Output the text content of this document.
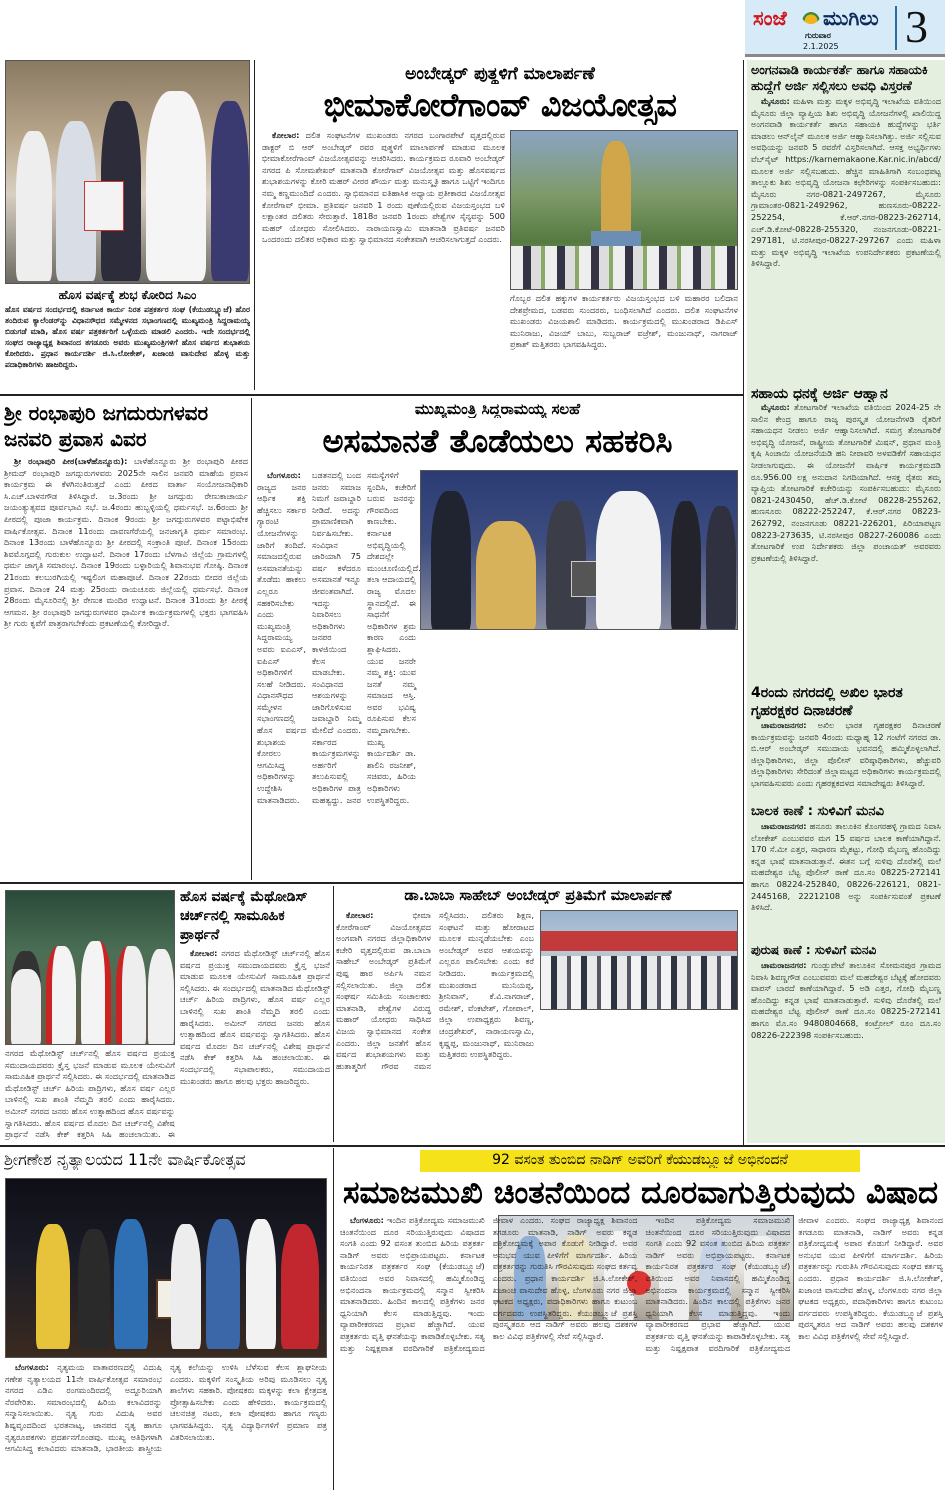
ಸಂಜೆ ಮುಗಿಲು
ಗುರುವಾರ
2.1.2025 3
ಹೊಸ ವರ್ಷಕ್ಕೆ ಶುಭ ಕೋರಿದ ಸಿಎಂ
ಹೊಸ ವರ್ಷದ ಸಂದರ್ಭದಲ್ಲಿ ಕರ್ನಾಟಕ ಕಾರ್ಯ ನಿರತ ಪತ್ರಕರ್ತರ ಸಂಘ (ಕೆಯುಡಬ್ಲ್ಯೂಜೆ) ಹೊರ ತಂದಿರುವ ಕ್ಯಾಲೆಂಡರ್‌ನ್ನು ವಿಧಾನಸೌಧದ ಸಮ್ಮೇಳನದ ಸಭಾಂಗಣದಲ್ಲಿ ಮುಖ್ಯಮಂತ್ರಿ ಸಿದ್ದರಾಮಯ್ಯ ಬಿಡುಗಡೆ ಮಾಡಿ, ಹೊಸ ವರ್ಷ ಪತ್ರಕರ್ತರಿಗೆ ಒಳ್ಳೆಯದು ಮಾಡಲಿ ಎಂದರು. ಇದೇ ಸಂದರ್ಭದಲ್ಲಿ ಸಂಘದ ರಾಜ್ಯಾಧ್ಯಕ್ಷ ಶಿವಾನಂದ ತಗಡೂರು ಅವರು ಮುಖ್ಯಮಂತ್ರಿಗಳಿಗೆ ಹೊಸ ವರ್ಷದ ಶುಭಾಶಯ ಕೋರಿದರು. ಪ್ರಧಾನ ಕಾರ್ಯದರ್ಶಿ ಜಿ.ಸಿ.ಲೋಕೇಶ್, ಖಜಾಂಚಿ ವಾಸುದೇವ ಹೊಳ್ಳ ಮತ್ತು ಪದಾಧಿಕಾರಿಗಳು ಹಾಜರಿದ್ದರು.
ಅಂಬೇಡ್ಕರ್ ಪುತ್ಥಳಿಗೆ ಮಾಲಾರ್ಪಣೆ
ಭೀಮಾಕೋರೆಗಾಂವ್ ವಿಜಯೋತ್ಸವ

ಕೋಲಾರ: ದಲಿತ ಸಂಘಟನೆಗಳ ಮುಖಂಡರು ನಗರದ ಬಂಗಾರಪೇಟೆ ವೃತ್ತದಲ್ಲಿರುವ ಡಾಕ್ಟರ್ ಬಿ ಆರ್ ಅಂಬೇಡ್ಕರ್ ರವರ ಪುತ್ಥಳಿಗೆ ಮಾಲಾರ್ಪಣೆ ಮಾಡುವ ಮೂಲಕ ಭೀಮಾಕೋರೆಗಾಂವ್ ವಿಜಯೋತ್ಸವವನ್ನು ಆಚರಿಸಿದರು. ಕಾರ್ಯಕ್ರಮದ ರೂವಾರಿ ಅಂಬೇಡ್ಕರ್ ನಗರದ ಪಿ ಸೋಮಶೇಖರ್ ಮಾತನಾಡಿ ಕೋರೆಗಾವ್ ವಿಜಯೋತ್ಸವ ಮತ್ತು ಹೊಸವರ್ಷದ ಶುಭಾಶಯಗಳನ್ನು ಕೋರಿ ಮಹರ್ ವೀರರ ಶೌರ್ಯ ಮತ್ತು ಮನುಸ್ಮೃತಿ ಹಾಗೂ ಒಟ್ಟಿಗೆ ಇಂದಿಗೂ ನಮ್ಮ ಕಣ್ಣಮುಂದಿದೆ ಎಂದರು. ಸ್ವಾಭಿಮಾನದ ಐತಿಹಾಸಿಕ ಅಧ್ಯಾಯ ಪ್ರತೀಕಾರದ ವಿಜಯೋತ್ಸವ ಕೋರೆಗಾವ್ ಭೀಮಾ. ಪ್ರತಿವರ್ಷ ಜನವರಿ 1 ರಂದು ಪುಣೆಯಲ್ಲಿರುವ ವಿಜಯಸ್ತಂಭದ ಬಳಿ ಲಕ್ಷಾಂತರ ದಲಿತರು ಸೇರುತ್ತಾರೆ. 1818ರ ಜನವರಿ 1ರಂದು ಪೇಶ್ವೆಗಳ ಸೈನ್ಯವನ್ನು 500 ಮಹರ್ ಯೋಧರು ಸೋಲಿಸಿದರು. ನಾರಾಯಣಸ್ವಾಮಿ ಮಾತನಾಡಿ ಪ್ರತಿವರ್ಷ ಜನವರಿ ಒಂದರಂದು ದಲಿತರ ಅಧಿಕಾರ ಮತ್ತು ಸ್ವಾಭಿಮಾನದ ಸಂಕೇತವಾಗಿ ಆಚರಿಸಲಾಗುತ್ತದೆ ಎಂದರು.

ಗೊಬ್ಬರ ದಲಿತ ಹಕ್ಕುಗಳ ಕಾರ್ಯಕರ್ತರು ವಿಜಯಸ್ತಂಭದ ಬಳಿ ಮಹಾರರ ಬಲಿದಾನ ದೇಶಪ್ರೇಮದ, ಬಡವರು ಸುಂದರರು, ಬಂಧಿಸಲಾಗಿದೆ ಎಂದರು. ದಲಿತ ಸಂಘಟನೆಗಳ ಮುಖಂಡರು ವಿಜಯಶಾಲಿ ಮಾಡಿದರು. ಕಾರ್ಯಕ್ರಮದಲ್ಲಿ ಮುಖಂಡರಾದ ಡಿಪಿಎಸ್ ಮುನಿರಾಜು, ವಿಜಯ್ ಬಾಬು, ಸುಬ್ಬರಾಜ್ ವಜ್ರೇಶ್, ಮಂಜುನಾಥ್, ನಾಗರಾಜ್ ಪ್ರಕಾಶ್ ಮತ್ತಿತರರು ಭಾಗವಹಿಸಿದ್ದರು.
ಅಂಗನವಾಡಿ ಕಾರ್ಯಕರ್ತೆ ಹಾಗೂ ಸಹಾಯಕಿ ಹುದ್ದೆಗೆ ಅರ್ಜಿ ಸಲ್ಲಿಸಲು ಅವಧಿ ವಿಸ್ತರಣೆ

ಮೈಸೂರು: ಮಹಿಳಾ ಮತ್ತು ಮಕ್ಕಳ ಅಭಿವೃದ್ಧಿ ಇಲಾಖೆಯ ವತಿಯಿಂದ ಮೈಸೂರು ಜಿಲ್ಲಾ ವ್ಯಾಪ್ತಿಯ ಶಿಶು ಅಭಿವೃದ್ಧಿ ಯೋಜನೆಗಳಲ್ಲಿ ಖಾಲಿಯಿದ್ದ ಅಂಗನವಾಡಿ ಕಾರ್ಯಕರ್ತೆ ಹಾಗೂ ಸಹಾಯಕಿ ಹುದ್ದೆಗಳನ್ನು ಭರ್ತಿ ಮಾಡಲು ಆನ್‌ಲೈನ್ ಮೂಲಕ ಅರ್ಜಿ ಆಹ್ವಾನಿಸಲಾಗಿತ್ತು. ಅರ್ಜಿ ಸಲ್ಲಿಸುವ ಅವಧಿಯನ್ನು ಜನವರಿ 5 ರವರೆಗೆ ವಿಸ್ತರಿಸಲಾಗಿದೆ. ಆಸಕ್ತ ಅಭ್ಯರ್ಥಿಗಳು ವೆಬ್‌ಸೈಟ್ https://karnemakaone.Kar.nic.in/abcd/ ಮೂಲಕ ಅರ್ಜಿ ಸಲ್ಲಿಸಬಹುದು. ಹೆಚ್ಚಿನ ಮಾಹಿತಿಗಾಗಿ ಸಂಬಂಧಪಟ್ಟ ತಾಲ್ಲೂಕು ಶಿಶು ಅಭಿವೃದ್ಧಿ ಯೋಜನಾ ಕಛೇರಿಗಳನ್ನು ಸಂಪರ್ಕಿಸಬಹುದು: ಮೈಸೂರು ನಗರ-0821-2497267, ಮೈಸೂರು ಗ್ರಾಮಾಂತರ-0821-2492962, ಹುಣಸೂರು-08222-252254, ಕೆ.ಆರ್.ನಗರ-08223-262714, ಎಚ್.ಡಿ.ಕೋಟೆ-08228-255320, ನಂಜನಗೂಡು-08221-297181, ಟಿ.ನರಸೀಪುರ-08227-297267 ಎಂದು ಮಹಿಳಾ ಮತ್ತು ಮಕ್ಕಳ ಅಭಿವೃದ್ಧಿ ಇಲಾಖೆಯ ಉಪನಿರ್ದೇಶಕರು ಪ್ರಕಟಣೆಯಲ್ಲಿ ತಿಳಿಸಿದ್ದಾರೆ.

ಸಹಾಯ ಧನಕ್ಕೆ ಅರ್ಜಿ ಆಹ್ವಾನ

ಮೈಸೂರು: ತೋಟಗಾರಿಕೆ ಇಲಾಖೆಯ ವತಿಯಿಂದ 2024-25 ನೇ ಸಾಲಿನ ಕೇಂದ್ರ ಹಾಗೂ ರಾಜ್ಯ ಪುರಸ್ಕೃತ ಯೋಜನೆಗಳಡಿ ರೈತರಿಗೆ ಸಹಾಯಧನ ನೀಡಲು ಅರ್ಜಿ ಆಹ್ವಾನಿಸಲಾಗಿದೆ. ಸಮಗ್ರ ತೋಟಗಾರಿಕೆ ಅಭಿವೃದ್ಧಿ ಯೋಜನೆ, ರಾಷ್ಟ್ರೀಯ ತೋಟಗಾರಿಕೆ ಮಿಷನ್, ಪ್ರಧಾನ ಮಂತ್ರಿ ಕೃಷಿ ಸಿಂಚಾಯಿ ಯೋಜನೆಯಡಿ ಹನಿ ನೀರಾವರಿ ಅಳವಡಿಕೆಗೆ ಸಹಾಯಧನ ನೀಡಲಾಗುವುದು. ಈ ಯೋಜನೆಗೆ ವಾರ್ಷಿಕ ಕಾರ್ಯಕ್ರಮದಡಿ ರೂ.956.00 ಲಕ್ಷ ಅನುದಾನ ನಿಗದಿಯಾಗಿದೆ. ಆಸಕ್ತ ರೈತರು ತಮ್ಮ ವ್ಯಾಪ್ತಿಯ ತೋಟಗಾರಿಕೆ ಕಚೇರಿಯನ್ನು ಸಂಪರ್ಕಿಸಬಹುದು: ಮೈಸೂರು 0821-2430450, ಹೆಚ್.ಡಿ.ಕೋಟೆ 08228-255262, ಹುಣಸೂರು 08222-252247, ಕೆ.ಆರ್.ನಗರ 08223-262792, ನಂಜನಗೂಡು 08221-226201, ಪಿರಿಯಾಪಟ್ಟಣ 08223-273635, ಟಿ.ನರಸೀಪುರ 08227-260086 ಎಂದು ತೋಟಗಾರಿಕೆ ಉಪ ನಿರ್ದೇಶಕರು ಜಿಲ್ಲಾ ಪಂಚಾಯತ್ ಅವರವರು ಪ್ರಕಟಣೆಯಲ್ಲಿ ತಿಳಿಸಿದ್ದಾರೆ.

4ರಂದು ನಗರದಲ್ಲಿ ಅಖಿಲ ಭಾರತ ಗೃಹರಕ್ಷಕರ ದಿನಾಚರಣೆ

ಚಾಮರಾಜನಗರ: ಅಖಿಲ ಭಾರತ ಗೃಹರಕ್ಷಕರ ದಿನಾಚರಣೆ ಕಾರ್ಯಕ್ರಮವನ್ನು ಜನವರಿ 4ರಂದು ಮಧ್ಯಾಹ್ನ 12 ಗಂಟೆಗೆ ನಗರದ ಡಾ. ಬಿ.ಆರ್ ಅಂಬೇಡ್ಕರ್ ಸಮುದಾಯ ಭವನದಲ್ಲಿ ಹಮ್ಮಿಕೊಳ್ಳಲಾಗಿದೆ. ಜಿಲ್ಲಾಧಿಕಾರಿಗಳು, ಜಿಲ್ಲಾ ಪೊಲೀಸ್ ವರಿಷ್ಠಾಧಿಕಾರಿಗಳು, ಹೆಚ್ಚುವರಿ ಜಿಲ್ಲಾಧಿಕಾರಿಗಳು ಸೇರಿದಂತೆ ಜಿಲ್ಲಾಮಟ್ಟದ ಅಧಿಕಾರಿಗಳು ಕಾರ್ಯಕ್ರಮದಲ್ಲಿ ಭಾಗವಹಿಸುವರು ಎಂದು ಗೃಹರಕ್ಷಕದಳದ ಸಮಾದೇಷ್ಟರು ತಿಳಿಸಿದ್ದಾರೆ.

ಬಾಲಕ ಕಾಣೆ : ಸುಳಿವಿಗೆ ಮನವಿ

ಚಾಮರಾಜನಗರ: ಹನೂರು ತಾಲೂಕಿನ ಕೊಂಗರಹಳ್ಳಿ ಗ್ರಾಮದ ನಿವಾಸಿ ಲೋಕೇಶ್ ಎಂಬುವವರ ಮಗ 15 ವರ್ಷದ ಬಾಲಕ ಕಾಣೆಯಾಗಿದ್ದಾನೆ. 170 ಸೆ.ಮೀ ಎತ್ತರ, ಸಾಧಾರಣ ಮೈಕಟ್ಟು, ಗೋಧಿ ಮೈಬಣ್ಣ ಹೊಂದಿದ್ದು ಕನ್ನಡ ಭಾಷೆ ಮಾತನಾಡುತ್ತಾನೆ. ಈತನ ಬಗ್ಗೆ ಸುಳಿವು ದೊರೆತಲ್ಲಿ ಮಲೆ ಮಹದೇಶ್ವರ ಬೆಟ್ಟ ಪೊಲೀಸ್ ಠಾಣೆ ದೂ.ಸಂ 08225-272141 ಹಾಗೂ 08224-252840, 08226-226121, 0821-2445168, 22212108 ಅನ್ನು ಸಂಪರ್ಕಿಸುವಂತೆ ಪ್ರಕಟಣೆ ತಿಳಿಸಿದೆ.

ಪುರುಷ ಕಾಣೆ : ಸುಳಿವಿಗೆ ಮನವಿ

ಚಾಮರಾಜನಗರ: ಗುಂಡ್ಲುಪೇಟೆ ತಾಲೂಕಿನ ಸೋಮನಪುರ ಗ್ರಾಮದ ನಿವಾಸಿ ಶಿವಣ್ಣಗೌಡ ಎಂಬುವವರು ಮಲೆ ಮಹದೇಶ್ವರ ಬೆಟ್ಟಕ್ಕೆ ಹೋದವರು ವಾಪಸ್ ಬಾರದೆ ಕಾಣೆಯಾಗಿದ್ದಾರೆ. 5 ಅಡಿ ಎತ್ತರ, ಗೋಧಿ ಮೈಬಣ್ಣ ಹೊಂದಿದ್ದು ಕನ್ನಡ ಭಾಷೆ ಮಾತನಾಡುತ್ತಾರೆ. ಸುಳಿವು ದೊರೆತಲ್ಲಿ ಮಲೆ ಮಹದೇಶ್ವರ ಬೆಟ್ಟ ಪೊಲೀಸ್ ಠಾಣೆ ದೂ.ಸಂ 08225-272141 ಹಾಗೂ ಮೊ.ಸಂ 9480804668, ಕಂಟ್ರೋಲ್ ರೂಂ ದೂ.ಸಂ 08226-222398 ಸಂಪರ್ಕಿಸಬಹುದು.

ಶ್ರೀ ರಂಭಾಪುರಿ ಜಗದುರುಗಳವರ ಜನವರಿ ಪ್ರವಾಸ ವಿವರ

ಶ್ರೀ ರಂಭಾಪುರಿ ಪೀಠ(ಬಾಳೆಹೊನ್ನೂರು): ಬಾಳೆಹೊನ್ನೂರು ಶ್ರೀ ರಂಭಾಪುರಿ ಪೀಠದ ಶ್ರೀಮದ್ ರಂಭಾಪುರಿ ಜಗದ್ಗುರುಗಳವರು 2025ನೇ ಸಾಲಿನ ಜನವರಿ ಮಾಹೆಯ ಪ್ರವಾಸ ಕಾರ್ಯಕ್ರಮ ಈ ಕೆಳಗಿನಂತಿರುತ್ತದೆ ಎಂದು ಪೀಠದ ವಾರ್ತಾ ಸಂಯೋಜನಾಧಿಕಾರಿ ಸಿ.ಎಚ್.ಬಾಳನಗೌಡ ತಿಳಿಸಿದ್ದಾರೆ. ಜ.3ರಂದು ಶ್ರೀ ಜಗದ್ಗುರು ರೇಣುಕಾಚಾರ್ಯ ಜಯಂತ್ಯುತ್ಸವದ ಪೂರ್ವಭಾವಿ ಸಭೆ. ಜ.4ರಂದು ಹುಬ್ಬಳ್ಳಿಯಲ್ಲಿ ಧರ್ಮಸಭೆ. ಜ.6ರಂದು ಶ್ರೀ ಪೀಠದಲ್ಲಿ ಪೂಜಾ ಕಾರ್ಯಕ್ರಮ. ದಿನಾಂಕ 9ರಂದು ಶ್ರೀ ಜಗದ್ಗುರುಗಳವರ ಪಟ್ಟಾಭಿಷೇಕ ವಾರ್ಷಿಕೋತ್ಸವ. ದಿನಾಂಕ 11ರಂದು ದಾವಣಗೆರೆಯಲ್ಲಿ ಜನಜಾಗೃತಿ ಧರ್ಮ ಸಮಾರಂಭ. ದಿನಾಂಕ 13ರಂದು ಬಾಳೆಹೊನ್ನೂರು ಶ್ರೀ ಪೀಠದಲ್ಲಿ ಸಂಕ್ರಾಂತಿ ಪೂಜೆ. ದಿನಾಂಕ 15ರಂದು ಶಿವಮೊಗ್ಗದಲ್ಲಿ ಗುರುಕುಲ ಉದ್ಘಾಟನೆ. ದಿನಾಂಕ 17ರಂದು ಬೆಳಗಾವಿ ಜಿಲ್ಲೆಯ ಗ್ರಾಮಗಳಲ್ಲಿ ಧರ್ಮ ಜಾಗೃತಿ ಸಮಾರಂಭ. ದಿನಾಂಕ 19ರಂದು ಬಳ್ಳಾರಿಯಲ್ಲಿ ಶಿವಾನುಭವ ಗೋಷ್ಠಿ. ದಿನಾಂಕ 21ರಂದು ಕಲಬುರಗಿಯಲ್ಲಿ ಇಷ್ಟಲಿಂಗ ಮಹಾಪೂಜೆ. ದಿನಾಂಕ 22ರಂದು ಬೀದರ ಜಿಲ್ಲೆಯ ಪ್ರವಾಸ. ದಿನಾಂಕ 24 ಮತ್ತು 25ರಂದು ರಾಯಚೂರು ಜಿಲ್ಲೆಯಲ್ಲಿ ಧರ್ಮಸಭೆ. ದಿನಾಂಕ 28ರಂದು ಮೈಸೂರಿನಲ್ಲಿ ಶ್ರೀ ರೇಣುಕ ಮಂದಿರ ಉದ್ಘಾಟನೆ. ದಿನಾಂಕ 31ರಂದು ಶ್ರೀ ಪೀಠಕ್ಕೆ ಆಗಮನ. ಶ್ರೀ ರಂಭಾಪುರಿ ಜಗದ್ಗುರುಗಳವರ ಧಾರ್ಮಿಕ ಕಾರ್ಯಕ್ರಮಗಳಲ್ಲಿ ಭಕ್ತರು ಭಾಗವಹಿಸಿ ಶ್ರೀ ಗುರು ಕೃಪೆಗೆ ಪಾತ್ರರಾಗಬೇಕೆಂದು ಪ್ರಕಟಣೆಯಲ್ಲಿ ಕೋರಿದ್ದಾರೆ.

ಮುಖ್ಯಮಂತ್ರಿ ಸಿದ್ದರಾಮಯ್ಯ ಸಲಹೆ
ಅಸಮಾನತೆ ತೊಡೆಯಲು ಸಹಕರಿಸಿ

ಬೆಂಗಳೂರು: ರಾಜ್ಯದ ಜನರ ಆರ್ಥಿಕ ಶಕ್ತಿ ಹೆಚ್ಚಿಸಲು ಸರ್ಕಾರ ಗ್ಯಾರಂಟಿ ಯೋಜನೆಗಳನ್ನು ಜಾರಿಗೆ ತಂದಿದೆ. ಸಮಾಜದಲ್ಲಿರುವ ಅಸಮಾನತೆಯನ್ನು ತೊಡೆದು ಹಾಕಲು ಎಲ್ಲರೂ ಸಹಕರಿಸಬೇಕು ಎಂದು ಮುಖ್ಯಮಂತ್ರಿ ಸಿದ್ದರಾಮಯ್ಯ ಅವರು ಐಎಎಸ್, ಐಪಿಎಸ್ ಅಧಿಕಾರಿಗಳಿಗೆ ಸಲಹೆ ನೀಡಿದರು. ವಿಧಾನಸೌಧದ ಸಮ್ಮೇಳನ ಸಭಾಂಗಣದಲ್ಲಿ ಹೊಸ ವರ್ಷದ ಶುಭಾಶಯ ಕೋರಲು ಆಗಮಿಸಿದ್ದ ಅಧಿಕಾರಿಗಳನ್ನು ಉದ್ದೇಶಿಸಿ ಮಾತನಾಡಿದರು. ಬಡತನದಲ್ಲಿ ಬಂದ ಜನರು ಸಮಾಜ ನಿಮಗೆ ಜವಾಬ್ದಾರಿ ನೀಡಿದೆ. ಅದನ್ನು ಪ್ರಾಮಾಣಿಕವಾಗಿ ನಿರ್ವಹಿಸಬೇಕು. ಸಂವಿಧಾನ ಜಾರಿಯಾಗಿ 75 ವರ್ಷ ಕಳೆದರೂ ಅಸಮಾನತೆ ಇನ್ನೂ ಜೀವಂತವಾಗಿದೆ. ಇದನ್ನು ನಿವಾರಿಸಲು ಅಧಿಕಾರಿಗಳು ಜನಪರ ಕಾಳಜಿಯಿಂದ ಕೆಲಸ ಮಾಡಬೇಕು. ಸಂವಿಧಾನದ ಆಶಯಗಳನ್ನು ಜಾರಿಗೊಳಿಸುವ ಜವಾಬ್ದಾರಿ ನಿಮ್ಮ ಮೇಲಿದೆ ಎಂದರು. ಸರ್ಕಾರದ ಕಾರ್ಯಕ್ರಮಗಳನ್ನು ಅರ್ಹರಿಗೆ ತಲುಪಿಸುವಲ್ಲಿ ಅಧಿಕಾರಿಗಳ ಪಾತ್ರ ಮಹತ್ವದ್ದು. ಜನರ ಸಮಸ್ಯೆಗಳಿಗೆ ಸ್ಪಂದಿಸಿ, ಕಚೇರಿಗೆ ಬರುವ ಜನರನ್ನು ಗೌರವದಿಂದ ಕಾಣಬೇಕು. ಕರ್ನಾಟಕ ಅಭಿವೃದ್ಧಿಯಲ್ಲಿ ದೇಶದಲ್ಲೇ ಮುಂಚೂಣಿಯಲ್ಲಿದೆ. ತಲಾ ಆದಾಯದಲ್ಲಿ ರಾಜ್ಯ ಮೊದಲ ಸ್ಥಾನದಲ್ಲಿದೆ. ಈ ಸಾಧನೆಗೆ ಅಧಿಕಾರಿಗಳ ಶ್ರಮ ಕಾರಣ ಎಂದು ಶ್ಲಾಘಿಸಿದರು. ಯುವ ಜನರೇ ನಮ್ಮ ಶಕ್ತಿ: ಯುವ ಜನತೆ ನಮ್ಮ ಸಮಾಜದ ಆಸ್ತಿ. ಅವರ ಭವಿಷ್ಯ ರೂಪಿಸುವ ಕೆಲಸ ನಮ್ಮದಾಗಬೇಕು. ಮುಖ್ಯ ಕಾರ್ಯದರ್ಶಿ ಡಾ. ಶಾಲಿನಿ ರಜನೀಶ್, ಸಚಿವರು, ಹಿರಿಯ ಅಧಿಕಾರಿಗಳು ಉಪಸ್ಥಿತರಿದ್ದರು.

ಹೊಸ ವರ್ಷಕ್ಕೆ ಮೆಥೋಡಿಸ್ ಚರ್ಚ್‌ನಲ್ಲಿ ಸಾಮೂಹಿಕ ಪ್ರಾರ್ಥನೆ

ಕೋಲಾರ: ನಗರದ ಮೆಥೋಡಿಸ್ಟ್ ಚರ್ಚ್‌ನಲ್ಲಿ ಹೊಸ ವರ್ಷದ ಪ್ರಯುಕ್ತ ಸಮುದಾಯದವರು ಕ್ರೈಸ್ತ ಭಜನೆ ಮಾಡುವ ಮೂಲಕ ಯೇಸುವಿಗೆ ಸಾಮೂಹಿಕ ಪ್ರಾರ್ಥನೆ ಸಲ್ಲಿಸಿದರು. ಈ ಸಂದರ್ಭದಲ್ಲಿ ಮಾತನಾಡಿದ ಮೆಥೋಡಿಸ್ಟ್ ಚರ್ಚ್ ಹಿರಿಯ ಪಾದ್ರಿಗಳು, ಹೊಸ ವರ್ಷ ಎಲ್ಲರ ಬಾಳಿನಲ್ಲಿ ಸುಖ ಶಾಂತಿ ನೆಮ್ಮದಿ ತರಲಿ ಎಂದು ಹಾರೈಸಿದರು. ಅಮೀನ್ ನಗರದ ಜನರು ಹೊಸ ಉತ್ಸಾಹದಿಂದ ಹೊಸ ವರ್ಷವನ್ನು ಸ್ವಾಗತಿಸಿದರು. ಹೊಸ ವರ್ಷದ ಮೊದಲ ದಿನ ಚರ್ಚ್‌ನಲ್ಲಿ ವಿಶೇಷ ಪ್ರಾರ್ಥನೆ ನಡೆಸಿ ಕೇಕ್ ಕತ್ತರಿಸಿ ಸಿಹಿ ಹಂಚಲಾಯಿತು. ಈ ಸಂದರ್ಭದಲ್ಲಿ ಸಭಾಪಾಲಕರು, ಸಮುದಾಯದ ಮುಖಂಡರು ಹಾಗೂ ಹಲವು ಭಕ್ತರು ಹಾಜರಿದ್ದರು.

ನಗರದ ಮೆಥೋಡಿಸ್ಟ್ ಚರ್ಚ್‌ನಲ್ಲಿ ಹೊಸ ವರ್ಷದ ಪ್ರಯುಕ್ತ ಸಮುದಾಯದವರು ಕ್ರೈಸ್ತ ಭಜನೆ ಮಾಡುವ ಮೂಲಕ ಯೇಸುವಿಗೆ ಸಾಮೂಹಿಕ ಪ್ರಾರ್ಥನೆ ಸಲ್ಲಿಸಿದರು. ಈ ಸಂದರ್ಭದಲ್ಲಿ ಮಾತನಾಡಿದ ಮೆಥೋಡಿಸ್ಟ್ ಚರ್ಚ್ ಹಿರಿಯ ಪಾದ್ರಿಗಳು, ಹೊಸ ವರ್ಷ ಎಲ್ಲರ ಬಾಳಿನಲ್ಲಿ ಸುಖ ಶಾಂತಿ ನೆಮ್ಮದಿ ತರಲಿ ಎಂದು ಹಾರೈಸಿದರು. ಅಮೀನ್ ನಗರದ ಜನರು ಹೊಸ ಉತ್ಸಾಹದಿಂದ ಹೊಸ ವರ್ಷವನ್ನು ಸ್ವಾಗತಿಸಿದರು. ಹೊಸ ವರ್ಷದ ಮೊದಲ ದಿನ ಚರ್ಚ್‌ನಲ್ಲಿ ವಿಶೇಷ ಪ್ರಾರ್ಥನೆ ನಡೆಸಿ ಕೇಕ್ ಕತ್ತರಿಸಿ ಸಿಹಿ ಹಂಚಲಾಯಿತು. ಈ
ಡಾ.ಬಾಬಾ ಸಾಹೇಬ್ ಅಂಬೇಡ್ಕರ್ ಪ್ರತಿಮೆಗೆ ಮಾಲಾರ್ಪಣೆ

ಕೋಲಾರ:	ಭೀಮಾ ಕೋರೆಗಾಂವ್ ವಿಜಯೋತ್ಸವದ ಅಂಗವಾಗಿ ನಗರದ ಜಿಲ್ಲಾಧಿಕಾರಿಗಳ ಕಚೇರಿ ವೃತ್ತದಲ್ಲಿರುವ ಡಾ.ಬಾಬಾ ಸಾಹೇಬ್ ಅಂಬೇಡ್ಕರ್ ಪ್ರತಿಮೆಗೆ ಪುಷ್ಪ ಹಾರ ಅರ್ಪಿಸಿ ನಮನ ಸಲ್ಲಿಸಲಾಯಿತು. ಜಿಲ್ಲಾ ದಲಿತ ಸಂಘರ್ಷ ಸಮಿತಿಯ ಸಂಚಾಲಕರು ಮಾತನಾಡಿ, ಪೇಶ್ವೆಗಳ ವಿರುದ್ಧ ಮಹಾರ್ ಯೋಧರು ಸಾಧಿಸಿದ ವಿಜಯ ಸ್ವಾಭಿಮಾನದ ಸಂಕೇತ ಎಂದರು. ಜಿಲ್ಲಾ ಜನತೆಗೆ ಹೊಸ ವರ್ಷದ ಶುಭಾಶಯಗಳು ಮತ್ತು ಹುತಾತ್ಮರಿಗೆ ಗೌರವ ನಮನ ಸಲ್ಲಿಸಿದರು. ದಲಿತರು ಶಿಕ್ಷಣ, ಸಂಘಟನೆ ಮತ್ತು ಹೋರಾಟದ ಮೂಲಕ ಮುನ್ನಡೆಯಬೇಕು ಎಂಬ ಅಂಬೇಡ್ಕರ್ ಅವರ ಆಶಯವನ್ನು ಎಲ್ಲರೂ ಪಾಲಿಸಬೇಕು ಎಂದು ಕರೆ ನೀಡಿದರು. ಕಾರ್ಯಕ್ರಮದಲ್ಲಿ ಮುಖಂಡರಾದ ಮುನಿಯಪ್ಪ, ಶ್ರೀನಿವಾಸ್, ಕೆ.ವಿ.ನಾಗರಾಜ್, ರಮೇಶ್, ವೆಂಕಟೇಶ್, ಗೋಪಾಲ್, ಜಿಲ್ಲಾ ಉಪಾಧ್ಯಕ್ಷರು ಶಿವಣ್ಣ, ಚಂದ್ರಶೇಖರ್, ನಾರಾಯಣಸ್ವಾಮಿ, ಕೃಷ್ಣಪ್ಪ, ಮಂಜುನಾಥ್, ಮುನಿರಾಜು ಮತ್ತಿತರರು ಉಪಸ್ಥಿತರಿದ್ದರು.

ಶ್ರೀಗಣೇಶ ನೃತ್ಯಾಲಯದ 11ನೇ ವಾರ್ಷಿಕೋತ್ಸವ

ಬೆಂಗಳೂರು: ನೃತ್ಯಮಯ ವಾತಾವರಣದಲ್ಲಿ ವಿದುಷಿ ಗಣೇಶ ನೃತ್ಯಾಲಯದ 11ನೇ ವಾರ್ಷಿಕೋತ್ಸವ ಸಮಾರಂಭ ನಗರದ ಎಡಿಎ ರಂಗಮಂದಿರದಲ್ಲಿ ಅದ್ದೂರಿಯಾಗಿ ನೆರವೇರಿತು. ಸಮಾರಂಭದಲ್ಲಿ ಹಿರಿಯ ಕಲಾವಿದರನ್ನು ಸನ್ಮಾನಿಸಲಾಯಿತು. ನೃತ್ಯ ಗುರು ವಿದುಷಿ ಅವರ ಶಿಷ್ಯವೃಂದದಿಂದ ಭರತನಾಟ್ಯ, ಜಾನಪದ ನೃತ್ಯ ಹಾಗೂ ನೃತ್ಯರೂಪಕಗಳು ಪ್ರದರ್ಶನಗೊಂಡವು. ಮುಖ್ಯ ಅತಿಥಿಗಳಾಗಿ ಆಗಮಿಸಿದ್ದ ಕಲಾವಿದರು ಮಾತನಾಡಿ, ಭಾರತೀಯ ಶಾಸ್ತ್ರೀಯ ನೃತ್ಯ ಕಲೆಯನ್ನು ಉಳಿಸಿ ಬೆಳೆಸುವ ಕೆಲಸ ಶ್ಲಾಘನೀಯ ಎಂದರು. ಮಕ್ಕಳಿಗೆ ಸಂಸ್ಕೃತಿಯ ಅರಿವು ಮೂಡಿಸಲು ನೃತ್ಯ ಶಾಲೆಗಳು ಸಹಕಾರಿ. ಪೋಷಕರು ಮಕ್ಕಳನ್ನು ಕಲಾ ಕ್ಷೇತ್ರದತ್ತ ಪ್ರೋತ್ಸಾಹಿಸಬೇಕು ಎಂದು ಹೇಳಿದರು. ಕಾರ್ಯಕ್ರಮದಲ್ಲಿ ಚಲನಚಿತ್ರ ನಟರು, ಕಲಾ ಪೋಷಕರು ಹಾಗೂ ಗಣ್ಯರು ಭಾಗವಹಿಸಿದ್ದರು. ನೃತ್ಯ ವಿದ್ಯಾರ್ಥಿಗಳಿಗೆ ಪ್ರಮಾಣ ಪತ್ರ ವಿತರಿಸಲಾಯಿತು.

92 ವಸಂತ ತುಂಬಿದ ನಾಡಿಗ್ ಅವರಿಗೆ ಕೆಯುಡಬ್ಲ್ಯೂಜೆ ಅಭಿನಂದನೆ
ಸಮಾಜಮುಖಿ ಚಿಂತನೆಯಿಂದ ದೂರವಾಗುತ್ತಿರುವುದು ವಿಷಾದ

ಬೆಂಗಳೂರು: ಇಂದಿನ ಪತ್ರಿಕೋದ್ಯಮ ಸಮಾಜಮುಖಿ ಚಿಂತನೆಯಿಂದ ದೂರ ಸರಿಯುತ್ತಿರುವುದು ವಿಷಾದದ ಸಂಗತಿ ಎಂದು 92 ವಸಂತ ತುಂಬಿದ ಹಿರಿಯ ಪತ್ರಕರ್ತ ನಾಡಿಗ್ ಅವರು ಅಭಿಪ್ರಾಯಪಟ್ಟರು. ಕರ್ನಾಟಕ ಕಾರ್ಯನಿರತ ಪತ್ರಕರ್ತರ ಸಂಘ (ಕೆಯುಡಬ್ಲ್ಯೂಜೆ) ವತಿಯಿಂದ ಅವರ ನಿವಾಸದಲ್ಲಿ ಹಮ್ಮಿಕೊಂಡಿದ್ದ ಅಭಿನಂದನಾ ಕಾರ್ಯಕ್ರಮದಲ್ಲಿ ಸನ್ಮಾನ ಸ್ವೀಕರಿಸಿ ಮಾತನಾಡಿದರು. ಹಿಂದಿನ ಕಾಲದಲ್ಲಿ ಪತ್ರಿಕೆಗಳು ಜನರ ಧ್ವನಿಯಾಗಿ ಕೆಲಸ ಮಾಡುತ್ತಿದ್ದವು. ಇಂದು ವ್ಯಾಪಾರೀಕರಣದ ಪ್ರಭಾವ ಹೆಚ್ಚಾಗಿದೆ. ಯುವ ಪತ್ರಕರ್ತರು ವೃತ್ತಿ ಘನತೆಯನ್ನು ಕಾಪಾಡಿಕೊಳ್ಳಬೇಕು. ಸತ್ಯ ಮತ್ತು ನಿಷ್ಪಕ್ಷಪಾತ ವರದಿಗಾರಿಕೆ ಪತ್ರಿಕೋದ್ಯಮದ ಜೀವಾಳ ಎಂದರು. ಸಂಘದ ರಾಜ್ಯಾಧ್ಯಕ್ಷ ಶಿವಾನಂದ ತಗಡೂರು ಮಾತನಾಡಿ, ನಾಡಿಗ್ ಅವರು ಕನ್ನಡ ಪತ್ರಿಕೋದ್ಯಮಕ್ಕೆ ಅಪಾರ ಕೊಡುಗೆ ನೀಡಿದ್ದಾರೆ. ಅವರ ಅನುಭವ ಯುವ ಪೀಳಿಗೆಗೆ ಮಾರ್ಗದರ್ಶಿ. ಹಿರಿಯ ಪತ್ರಕರ್ತರನ್ನು ಗುರುತಿಸಿ ಗೌರವಿಸುವುದು ಸಂಘದ ಕರ್ತವ್ಯ ಎಂದರು. ಪ್ರಧಾನ ಕಾರ್ಯದರ್ಶಿ ಜಿ.ಸಿ.ಲೋಕೇಶ್, ಖಜಾಂಚಿ ವಾಸುದೇವ ಹೊಳ್ಳ, ಬೆಂಗಳೂರು ನಗರ ಜಿಲ್ಲಾ ಘಟಕದ ಅಧ್ಯಕ್ಷರು, ಪದಾಧಿಕಾರಿಗಳು ಹಾಗೂ ಕುಟುಂಬ ವರ್ಗದವರು ಉಪಸ್ಥಿತರಿದ್ದರು. ಕೆಯುಡಬ್ಲ್ಯೂಜೆ ಪ್ರಶಸ್ತಿ ಪುರಸ್ಕೃತರೂ ಆದ ನಾಡಿಗ್ ಅವರು ಹಲವು ದಶಕಗಳ ಕಾಲ ವಿವಿಧ ಪತ್ರಿಕೆಗಳಲ್ಲಿ ಸೇವೆ ಸಲ್ಲಿಸಿದ್ದಾರೆ.

ಇಂದಿನ ಪತ್ರಿಕೋದ್ಯಮ ಸಮಾಜಮುಖಿ ಚಿಂತನೆಯಿಂದ ದೂರ ಸರಿಯುತ್ತಿರುವುದು ವಿಷಾದದ ಸಂಗತಿ ಎಂದು 92 ವಸಂತ ತುಂಬಿದ ಹಿರಿಯ ಪತ್ರಕರ್ತ ನಾಡಿಗ್ ಅವರು ಅಭಿಪ್ರಾಯಪಟ್ಟರು. ಕರ್ನಾಟಕ ಕಾರ್ಯನಿರತ ಪತ್ರಕರ್ತರ ಸಂಘ (ಕೆಯುಡಬ್ಲ್ಯೂಜೆ) ವತಿಯಿಂದ ಅವರ ನಿವಾಸದಲ್ಲಿ ಹಮ್ಮಿಕೊಂಡಿದ್ದ ಅಭಿನಂದನಾ ಕಾರ್ಯಕ್ರಮದಲ್ಲಿ ಸನ್ಮಾನ ಸ್ವೀಕರಿಸಿ ಮಾತನಾಡಿದರು. ಹಿಂದಿನ ಕಾಲದಲ್ಲಿ ಪತ್ರಿಕೆಗಳು ಜನರ ಧ್ವನಿಯಾಗಿ ಕೆಲಸ ಮಾಡುತ್ತಿದ್ದವು. ಇಂದು ವ್ಯಾಪಾರೀಕರಣದ ಪ್ರಭಾವ ಹೆಚ್ಚಾಗಿದೆ. ಯುವ ಪತ್ರಕರ್ತರು ವೃತ್ತಿ ಘನತೆಯನ್ನು ಕಾಪಾಡಿಕೊಳ್ಳಬೇಕು. ಸತ್ಯ ಮತ್ತು ನಿಷ್ಪಕ್ಷಪಾತ ವರದಿಗಾರಿಕೆ ಪತ್ರಿಕೋದ್ಯಮದ ಜೀವಾಳ ಎಂದರು. ಸಂಘದ ರಾಜ್ಯಾಧ್ಯಕ್ಷ ಶಿವಾನಂದ ತಗಡೂರು ಮಾತನಾಡಿ, ನಾಡಿಗ್ ಅವರು ಕನ್ನಡ ಪತ್ರಿಕೋದ್ಯಮಕ್ಕೆ ಅಪಾರ ಕೊಡುಗೆ ನೀಡಿದ್ದಾರೆ. ಅವರ ಅನುಭವ ಯುವ ಪೀಳಿಗೆಗೆ ಮಾರ್ಗದರ್ಶಿ. ಹಿರಿಯ ಪತ್ರಕರ್ತರನ್ನು ಗುರುತಿಸಿ ಗೌರವಿಸುವುದು ಸಂಘದ ಕರ್ತವ್ಯ ಎಂದರು. ಪ್ರಧಾನ ಕಾರ್ಯದರ್ಶಿ ಜಿ.ಸಿ.ಲೋಕೇಶ್, ಖಜಾಂಚಿ ವಾಸುದೇವ ಹೊಳ್ಳ, ಬೆಂಗಳೂರು ನಗರ ಜಿಲ್ಲಾ ಘಟಕದ ಅಧ್ಯಕ್ಷರು, ಪದಾಧಿಕಾರಿಗಳು ಹಾಗೂ ಕುಟುಂಬ ವರ್ಗದವರು ಉಪಸ್ಥಿತರಿದ್ದರು. ಕೆಯುಡಬ್ಲ್ಯೂಜೆ ಪ್ರಶಸ್ತಿ ಪುರಸ್ಕೃತರೂ ಆದ ನಾಡಿಗ್ ಅವರು ಹಲವು ದಶಕಗಳ ಕಾಲ ವಿವಿಧ ಪತ್ರಿಕೆಗಳಲ್ಲಿ ಸೇವೆ ಸಲ್ಲಿಸಿದ್ದಾರೆ.
